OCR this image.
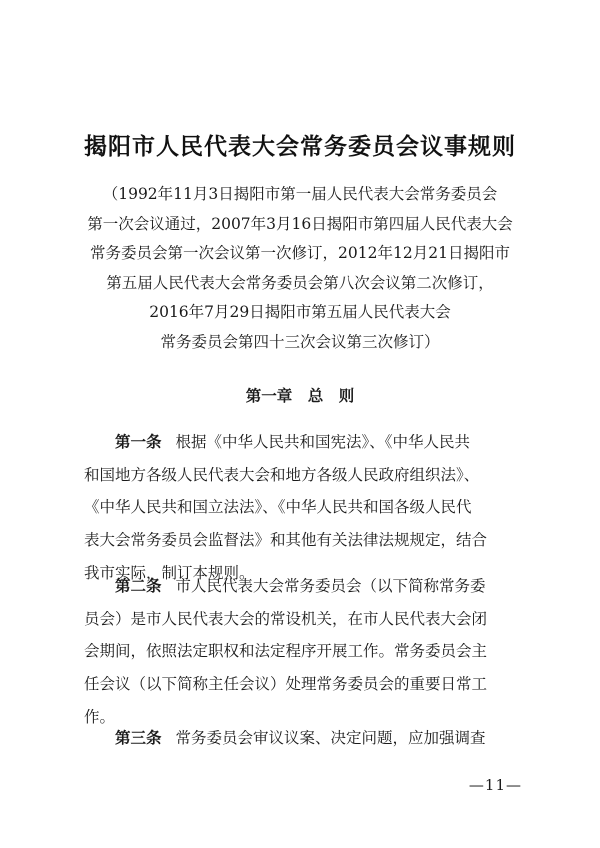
揭阳市人民代表大会常务委员会议事规则
（1992年11月3日揭阳市第一届人民代表大会常务委员会
第一次会议通过，2007年3月16日揭阳市第四届人民代表大会
常务委员会第一次会议第一次修订，2012年12月21日揭阳市
第五届人民代表大会常务委员会第八次会议第二次修订，
2016年7月29日揭阳市第五届人民代表大会
常务委员会第四十三次会议第三次修订）
第一章　总　则
第一条 根据《中华人民共和国宪法》、《中华人民共
和国地方各级人民代表大会和地方各级人民政府组织法》、
《中华人民共和国立法法》、《中华人民共和国各级人民代
表大会常务委员会监督法》和其他有关法律法规规定，结合
我市实际，制订本规则。
第二条 市人民代表大会常务委员会（以下简称常务委
员会）是市人民代表大会的常设机关，在市人民代表大会闭
会期间，依照法定职权和法定程序开展工作。常务委员会主
任会议（以下简称主任会议）处理常务委员会的重要日常工
作。
第三条 常务委员会审议议案、决定问题，应加强调查
—11—
